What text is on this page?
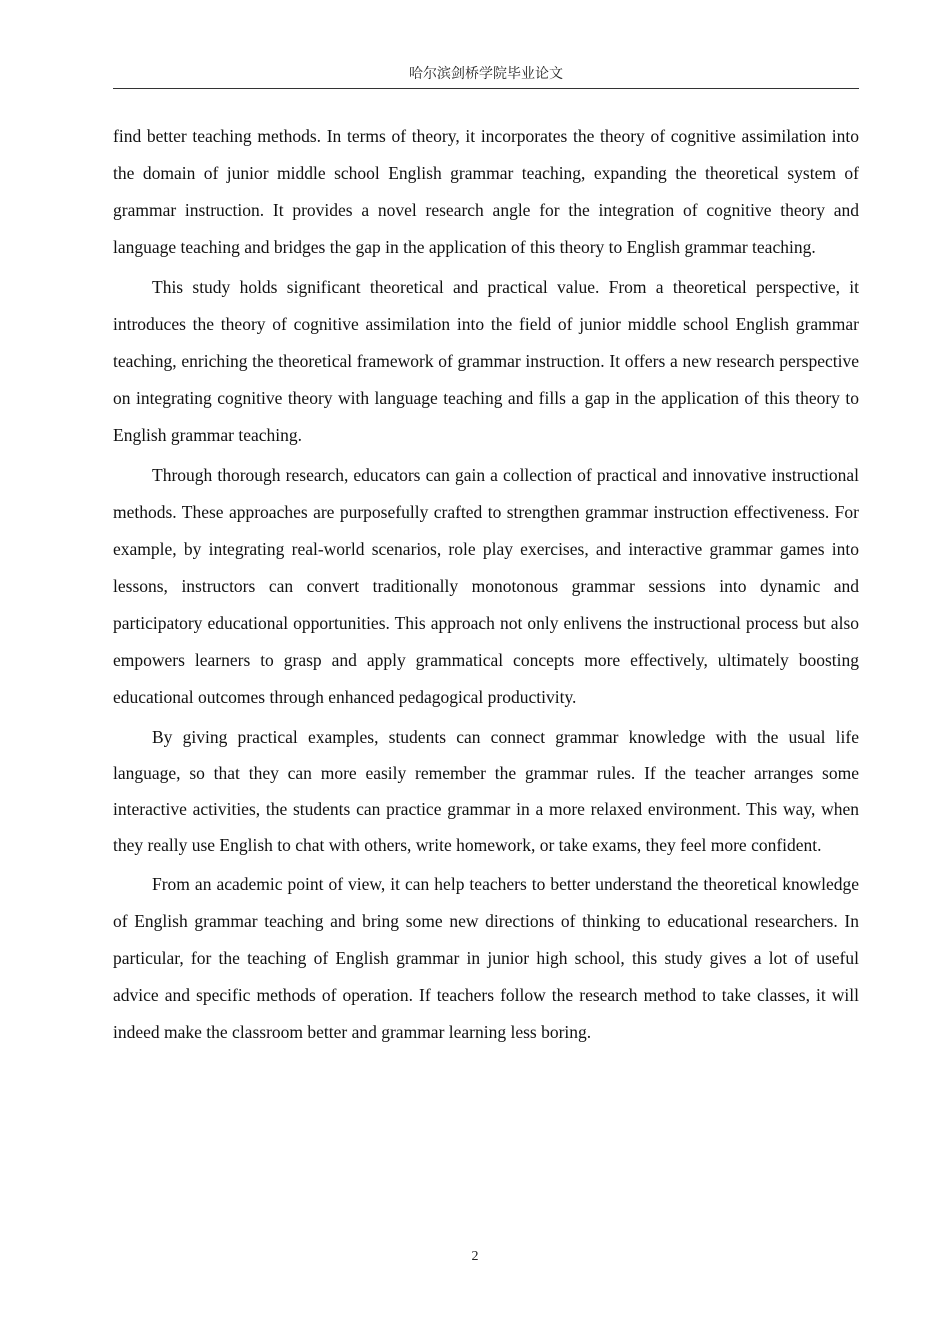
哈尔滨剑桥学院毕业论文

find better teaching methods. In terms of theory, it incorporates the theory of cognitive assimilation into the domain of junior middle school English grammar teaching, expanding the theoretical system of grammar instruction. It provides a novel research angle for the integration of cognitive theory and language teaching and bridges the gap in the application of this theory to English grammar teaching.

This study holds significant theoretical and practical value. From a theoretical perspective, it introduces the theory of cognitive assimilation into the field of junior middle school English grammar teaching, enriching the theoretical framework of grammar instruction. It offers a new research perspective on integrating cognitive theory with language teaching and fills a gap in the application of this theory to English grammar teaching.

Through thorough research, educators can gain a collection of practical and innovative instructional methods. These approaches are purposefully crafted to strengthen grammar instruction effectiveness. For example, by integrating real-world scenarios, role play exercises, and interactive grammar games into lessons, instructors can convert traditionally monotonous grammar sessions into dynamic and participatory educational opportunities. This approach not only enlivens the instructional process but also empowers learners to grasp and apply grammatical concepts more effectively, ultimately boosting educational outcomes through enhanced pedagogical productivity.

By giving practical examples, students can connect grammar knowledge with the usual life language, so that they can more easily remember the grammar rules. If the teacher arranges some interactive activities, the students can practice grammar in a more relaxed environment. This way, when they really use English to chat with others, write homework, or take exams, they feel more confident.

From an academic point of view, it can help teachers to better understand the theoretical knowledge of English grammar teaching and bring some new directions of thinking to educational researchers. In particular, for the teaching of English grammar in junior high school, this study gives a lot of useful advice and specific methods of operation. If teachers follow the research method to take classes, it will indeed make the classroom better and grammar learning less boring.

2
